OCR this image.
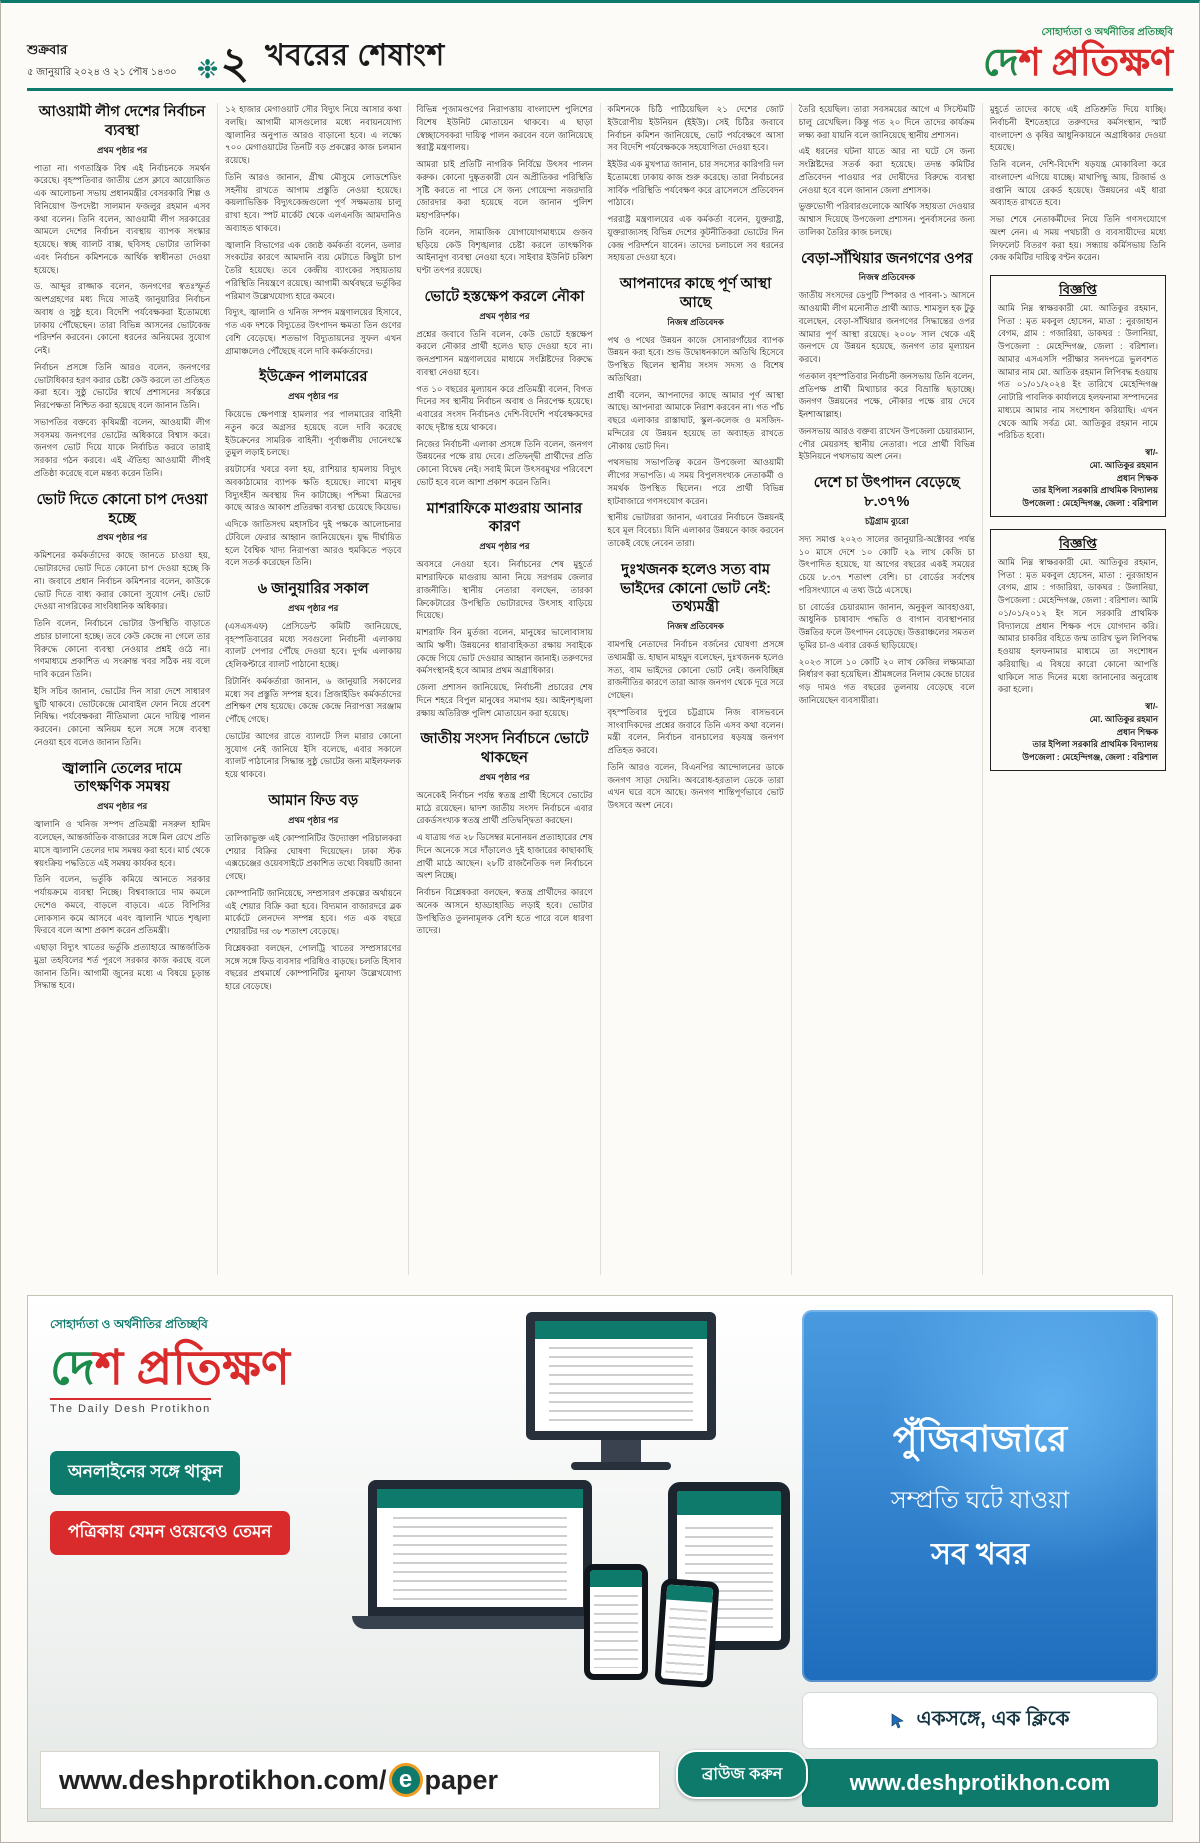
শুক্রবার
৫ জানুয়ারি ২০২৪ ও ২১ পৌষ ১৪৩০ ❉ ২ খবরের শেষাংশ
সোহার্দ্যতা ও অর্থনীতির প্রতিচ্ছবি
দেশ প্রতিক্ষণ
আওয়ামী লীগ দেশের নির্বাচন ব্যবস্থা
প্রথম পৃষ্ঠার পর

পাতা না। গণতান্ত্রিক বিশ্ব এই নির্বাচনকে সমর্থন করেছে। বৃহস্পতিবার জাতীয় প্রেস ক্লাবে আয়োজিত এক আলোচনা সভায় প্রধানমন্ত্রীর বেসরকারি শিল্প ও বিনিয়োগ উপদেষ্টা সালমান ফজলুর রহমান এসব কথা বলেন। তিনি বলেন, আওয়ামী লীগ সরকারের আমলে দেশের নির্বাচন ব্যবস্থায় ব্যাপক সংস্কার হয়েছে। স্বচ্ছ ব্যালট বাক্স, ছবিসহ ভোটার তালিকা এবং নির্বাচন কমিশনকে আর্থিক স্বাধীনতা দেওয়া হয়েছে।

ড. আব্দুর রাজ্জাক বলেন, জনগণের স্বতঃস্ফূর্ত অংশগ্রহণের মধ্য দিয়ে সাতই জানুয়ারির নির্বাচন অবাধ ও সুষ্ঠু হবে। বিদেশি পর্যবেক্ষকরা ইতোমধ্যে ঢাকায় পৌঁছেছেন। তারা বিভিন্ন আসনের ভোটকেন্দ্র পরিদর্শন করবেন। কোনো ধরনের অনিয়মের সুযোগ নেই।

নির্বাচন প্রসঙ্গে তিনি আরও বলেন, জনগণের ভোটাধিকার হরণ করার চেষ্টা কেউ করলে তা প্রতিহত করা হবে। সুষ্ঠু ভোটের স্বার্থে প্রশাসনের সর্বস্তরে নিরপেক্ষতা নিশ্চিত করা হয়েছে বলে জানান তিনি।

সভাপতির বক্তব্যে কৃষিমন্ত্রী বলেন, আওয়ামী লীগ সবসময় জনগণের ভোটের অধিকারে বিশ্বাস করে। জনগণ ভোট দিয়ে যাকে নির্বাচিত করবে তারাই সরকার গঠন করবে। এই ঐতিহ্য আওয়ামী লীগই প্রতিষ্ঠা করেছে বলে মন্তব্য করেন তিনি।

ভোট দিতে কোনো চাপ দেওয়া হচ্ছে
প্রথম পৃষ্ঠার পর

কমিশনের কর্মকর্তাদের কাছে জানতে চাওয়া হয়, ভোটারদের ভোট দিতে কোনো চাপ দেওয়া হচ্ছে কি না। জবাবে প্রধান নির্বাচন কমিশনার বলেন, কাউকে ভোট দিতে বাধ্য করার কোনো সুযোগ নেই। ভোট দেওয়া নাগরিকের সাংবিধানিক অধিকার।

তিনি বলেন, নির্বাচনে ভোটার উপস্থিতি বাড়াতে প্রচার চালানো হচ্ছে। তবে কেউ কেন্দ্রে না গেলে তার বিরুদ্ধে কোনো ব্যবস্থা নেওয়ার প্রশ্নই ওঠে না। গণমাধ্যমে প্রকাশিত এ সংক্রান্ত খবর সঠিক নয় বলে দাবি করেন তিনি।

ইসি সচিব জানান, ভোটের দিন সারা দেশে সাধারণ ছুটি থাকবে। ভোটকেন্দ্রে মোবাইল ফোন নিয়ে প্রবেশ নিষিদ্ধ। পর্যবেক্ষকরা নীতিমালা মেনে দায়িত্ব পালন করবেন। কোনো অনিয়ম হলে সঙ্গে সঙ্গে ব্যবস্থা নেওয়া হবে বলেও জানান তিনি।

জ্বালানি তেলের দামে তাৎক্ষণিক সমন্বয়
প্রথম পৃষ্ঠার পর

জ্বালানি ও খনিজ সম্পদ প্রতিমন্ত্রী নসরুল হামিদ বলেছেন, আন্তর্জাতিক বাজারের সঙ্গে মিল রেখে প্রতি মাসে জ্বালানি তেলের দাম সমন্বয় করা হবে। মার্চ থেকে স্বয়ংক্রিয় পদ্ধতিতে এই সমন্বয় কার্যকর হবে।

তিনি বলেন, ভর্তুকি কমিয়ে আনতে সরকার পর্যায়ক্রমে ব্যবস্থা নিচ্ছে। বিশ্ববাজারে দাম কমলে দেশেও কমবে, বাড়লে বাড়বে। এতে বিপিসির লোকসান কমে আসবে এবং জ্বালানি খাতে শৃঙ্খলা ফিরবে বলে আশা প্রকাশ করেন প্রতিমন্ত্রী।

এছাড়া বিদ্যুৎ খাতের ভর্তুকি প্রত্যাহারে আন্তর্জাতিক মুদ্রা তহবিলের শর্ত পূরণে সরকার কাজ করছে বলে জানান তিনি। আগামী জুনের মধ্যে এ বিষয়ে চূড়ান্ত সিদ্ধান্ত হবে।

১২ হাজার মেগাওয়াট সৌর বিদ্যুৎ নিয়ে আসার কথা বলছি। আগামী মাসগুলোর মধ্যে নবায়নযোগ্য জ্বালানির অনুপাত আরও বাড়ানো হবে। এ লক্ষ্যে ৭০০ মেগাওয়াটের তিনটি বড় প্রকল্পের কাজ চলমান রয়েছে।

তিনি আরও জানান, গ্রীষ্ম মৌসুমে লোডশেডিং সহনীয় রাখতে আগাম প্রস্তুতি নেওয়া হয়েছে। কয়লাভিত্তিক বিদ্যুৎকেন্দ্রগুলো পূর্ণ সক্ষমতায় চালু রাখা হবে। স্পট মার্কেট থেকে এলএনজি আমদানিও অব্যাহত থাকবে।

জ্বালানি বিভাগের এক জ্যেষ্ঠ কর্মকর্তা বলেন, ডলার সংকটের কারণে আমদানি ব্যয় মেটাতে কিছুটা চাপ তৈরি হয়েছে। তবে কেন্দ্রীয় ব্যাংকের সহায়তায় পরিস্থিতি নিয়ন্ত্রণে রয়েছে। আগামী অর্থবছরে ভর্তুকির পরিমাণ উল্লেখযোগ্য হারে কমবে।

বিদ্যুৎ, জ্বালানি ও খনিজ সম্পদ মন্ত্রণালয়ের হিসাবে, গত এক দশকে বিদ্যুতের উৎপাদন ক্ষমতা তিন গুণের বেশি বেড়েছে। শতভাগ বিদ্যুতায়নের সুফল এখন গ্রামাঞ্চলেও পৌঁছেছে বলে দাবি কর্মকর্তাদের।

ইউক্রেন পালমারের
প্রথম পৃষ্ঠার পর

কিয়েভে ক্ষেপণাস্ত্র হামলার পর পালমারের বাহিনী নতুন করে অগ্রসর হয়েছে বলে দাবি করেছে ইউক্রেনের সামরিক বাহিনী। পূর্বাঞ্চলীয় দোনেৎস্কে তুমুল লড়াই চলছে।

রয়টার্সের খবরে বলা হয়, রাশিয়ার হামলায় বিদ্যুৎ অবকাঠামোর ব্যাপক ক্ষতি হয়েছে। লাখো মানুষ বিদ্যুৎহীন অবস্থায় দিন কাটাচ্ছে। পশ্চিমা মিত্রদের কাছে আরও আকাশ প্রতিরক্ষা ব্যবস্থা চেয়েছে কিয়েভ।

এদিকে জাতিসংঘ মহাসচিব দুই পক্ষকে আলোচনার টেবিলে ফেরার আহ্বান জানিয়েছেন। যুদ্ধ দীর্ঘায়িত হলে বৈশ্বিক খাদ্য নিরাপত্তা আরও হুমকিতে পড়বে বলে সতর্ক করেছেন তিনি।

৬ জানুয়ারির সকাল
প্রথম পৃষ্ঠার পর

(এসএসএফ) প্রেসিডেন্ট কমিটি জানিয়েছে, বৃহস্পতিবারের মধ্যে সবগুলো নির্বাচনী এলাকায় ব্যালট পেপার পৌঁছে দেওয়া হবে। দুর্গম এলাকায় হেলিকপ্টারে ব্যালট পাঠানো হচ্ছে।

রিটার্নিং কর্মকর্তারা জানান, ৬ জানুয়ারি সকালের মধ্যে সব প্রস্তুতি সম্পন্ন হবে। প্রিজাইডিং কর্মকর্তাদের প্রশিক্ষণ শেষ হয়েছে। কেন্দ্রে কেন্দ্রে নিরাপত্তা সরঞ্জাম পৌঁছে গেছে।

ভোটের আগের রাতে ব্যালটে সিল মারার কোনো সুযোগ নেই জানিয়ে ইসি বলেছে, এবার সকালে ব্যালট পাঠানোর সিদ্ধান্ত সুষ্ঠু ভোটের জন্য মাইলফলক হয়ে থাকবে।

আমান ফিড বড়
প্রথম পৃষ্ঠার পর

তালিকাভুক্ত এই কোম্পানিটির উদ্যোক্তা পরিচালকরা শেয়ার বিক্রির ঘোষণা দিয়েছেন। ঢাকা স্টক এক্সচেঞ্জের ওয়েবসাইটে প্রকাশিত তথ্যে বিষয়টি জানা গেছে।

কোম্পানিটি জানিয়েছে, সম্প্রসারণ প্রকল্পের অর্থায়নে এই শেয়ার বিক্রি করা হবে। বিদ্যমান বাজারদরে ব্লক মার্কেটে লেনদেন সম্পন্ন হবে। গত এক বছরে শেয়ারটির দর ৩৮ শতাংশ বেড়েছে।

বিশ্লেষকরা বলছেন, পোলট্রি খাতের সম্প্রসারণের সঙ্গে সঙ্গে ফিড ব্যবসার পরিধিও বাড়ছে। চলতি হিসাব বছরের প্রথমার্ধে কোম্পানিটির মুনাফা উল্লেখযোগ্য হারে বেড়েছে।

বিভিন্ন পূজামণ্ডপের নিরাপত্তায় বাংলাদেশ পুলিশের বিশেষ ইউনিট মোতায়েন থাকবে। এ ছাড়া স্বেচ্ছাসেবকরা দায়িত্ব পালন করবেন বলে জানিয়েছে স্বরাষ্ট্র মন্ত্রণালয়।

আমরা চাই প্রতিটি নাগরিক নির্বিঘ্নে উৎসব পালন করুক। কোনো দুষ্কৃতকারী যেন অপ্রীতিকর পরিস্থিতি সৃষ্টি করতে না পারে সে জন্য গোয়েন্দা নজরদারি জোরদার করা হয়েছে বলে জানান পুলিশ মহাপরিদর্শক।

তিনি বলেন, সামাজিক যোগাযোগমাধ্যমে গুজব ছড়িয়ে কেউ বিশৃঙ্খলার চেষ্টা করলে তাৎক্ষণিক আইনানুগ ব্যবস্থা নেওয়া হবে। সাইবার ইউনিট চব্বিশ ঘণ্টা তৎপর রয়েছে।

ভোটে হস্তক্ষেপ করলে নৌকা
প্রথম পৃষ্ঠার পর

প্রশ্নের জবাবে তিনি বলেন, কেউ ভোটে হস্তক্ষেপ করলে নৌকার প্রার্থী হলেও ছাড় দেওয়া হবে না। জনপ্রশাসন মন্ত্রণালয়ের মাধ্যমে সংশ্লিষ্টদের বিরুদ্ধে ব্যবস্থা নেওয়া হবে।

গত ১০ বছরের মূল্যায়ন করে প্রতিমন্ত্রী বলেন, বিগত দিনের সব স্থানীয় নির্বাচন অবাধ ও নিরপেক্ষ হয়েছে। এবারের সংসদ নির্বাচনও দেশি-বিদেশি পর্যবেক্ষকদের কাছে দৃষ্টান্ত হয়ে থাকবে।

নিজের নির্বাচনী এলাকা প্রসঙ্গে তিনি বলেন, জনগণ উন্নয়নের পক্ষে রায় দেবে। প্রতিদ্বন্দ্বী প্রার্থীদের প্রতি কোনো বিদ্বেষ নেই। সবাই মিলে উৎসবমুখর পরিবেশে ভোট হবে বলে আশা প্রকাশ করেন তিনি।

মাশরাফিকে মাগুরায় আনার কারণ
প্রথম পৃষ্ঠার পর

অবসরে নেওয়া হবে। নির্বাচনের শেষ মুহূর্তে মাশরাফিকে মাগুরায় আনা নিয়ে সরগরম জেলার রাজনীতি। স্থানীয় নেতারা বলছেন, তারকা ক্রিকেটারের উপস্থিতি ভোটারদের উৎসাহ বাড়িয়ে দিয়েছে।

মাশরাফি বিন মুর্তজা বলেন, মানুষের ভালোবাসায় আমি ঋণী। উন্নয়নের ধারাবাহিকতা রক্ষায় সবাইকে কেন্দ্রে গিয়ে ভোট দেওয়ার আহ্বান জানাই। তরুণদের কর্মসংস্থানই হবে আমার প্রথম অগ্রাধিকার।

জেলা প্রশাসন জানিয়েছে, নির্বাচনী প্রচারের শেষ দিনে শহরে বিপুল মানুষের সমাগম হয়। আইনশৃঙ্খলা রক্ষায় অতিরিক্ত পুলিশ মোতায়েন করা হয়েছে।

জাতীয় সংসদ নির্বাচনে ভোটে থাকছেন
প্রথম পৃষ্ঠার পর

অনেকেই নির্বাচন পর্যন্ত স্বতন্ত্র প্রার্থী হিসেবে ভোটের মাঠে রয়েছেন। দ্বাদশ জাতীয় সংসদ নির্বাচনে এবার রেকর্ডসংখ্যক স্বতন্ত্র প্রার্থী প্রতিদ্বন্দ্বিতা করছেন।

এ যাত্রায় গত ২৮ ডিসেম্বর মনোনয়ন প্রত্যাহারের শেষ দিনে অনেকে সরে দাঁড়ালেও দুই হাজারের কাছাকাছি প্রার্থী মাঠে আছেন। ২৮টি রাজনৈতিক দল নির্বাচনে অংশ নিচ্ছে।

নির্বাচন বিশ্লেষকরা বলছেন, স্বতন্ত্র প্রার্থীদের কারণে অনেক আসনে হাড্ডাহাড্ডি লড়াই হবে। ভোটার উপস্থিতিও তুলনামূলক বেশি হতে পারে বলে ধারণা তাদের।

কমিশনকে চিঠি পাঠিয়েছিল ২১ দেশের জোট ইউরোপীয় ইউনিয়ন (ইইউ)। সেই চিঠির জবাবে নির্বাচন কমিশন জানিয়েছে, ভোট পর্যবেক্ষণে আসা সব বিদেশি পর্যবেক্ষককে সহযোগিতা দেওয়া হবে।

ইইউর এক মুখপাত্র জানান, চার সদস্যের কারিগরি দল ইতোমধ্যে ঢাকায় কাজ শুরু করেছে। তারা নির্বাচনের সার্বিক পরিস্থিতি পর্যবেক্ষণ করে ব্রাসেলসে প্রতিবেদন পাঠাবে।

পররাষ্ট্র মন্ত্রণালয়ের এক কর্মকর্তা বলেন, যুক্তরাষ্ট্র, যুক্তরাজ্যসহ বিভিন্ন দেশের কূটনীতিকরা ভোটের দিন কেন্দ্র পরিদর্শনে যাবেন। তাদের চলাচলে সব ধরনের সহায়তা দেওয়া হবে।

আপনাদের কাছে পূর্ণ আস্থা আছে
নিজস্ব প্রতিবেদক

পথ ও পথের উন্নয়ন কাজে সোনারগাঁয়ের ব্যাপক উন্নয়ন করা হবে। শুভ উদ্বোধনকালে অতিথি হিসেবে উপস্থিত ছিলেন স্থানীয় সংসদ সদস্য ও বিশেষ অতিথিরা।

প্রার্থী বলেন, আপনাদের কাছে আমার পূর্ণ আস্থা আছে। আপনারা আমাকে নিরাশ করবেন না। গত পাঁচ বছরে এলাকার রাস্তাঘাট, স্কুল-কলেজ ও মসজিদ-মন্দিরের যে উন্নয়ন হয়েছে তা অব্যাহত রাখতে নৌকায় ভোট দিন।

পথসভায় সভাপতিত্ব করেন উপজেলা আওয়ামী লীগের সভাপতি। এ সময় বিপুলসংখ্যক নেতাকর্মী ও সমর্থক উপস্থিত ছিলেন। পরে প্রার্থী বিভিন্ন হাটবাজারে গণসংযোগ করেন।

স্থানীয় ভোটাররা জানান, এবারের নির্বাচনে উন্নয়নই হবে মূল বিবেচ্য। যিনি এলাকার উন্নয়নে কাজ করবেন তাকেই বেছে নেবেন তারা।

দুঃখজনক হলেও সত্য বাম ভাইদের কোনো ভোট নেই: তথ্যমন্ত্রী
নিজস্ব প্রতিবেদক

বামপন্থি নেতাদের নির্বাচন বর্জনের ঘোষণা প্রসঙ্গে তথ্যমন্ত্রী ড. হাছান মাহমুদ বলেছেন, দুঃখজনক হলেও সত্য, বাম ভাইদের কোনো ভোট নেই। জনবিচ্ছিন্ন রাজনীতির কারণে তারা আজ জনগণ থেকে দূরে সরে গেছেন।

বৃহস্পতিবার দুপুরে চট্টগ্রামে নিজ বাসভবনে সাংবাদিকদের প্রশ্নের জবাবে তিনি এসব কথা বলেন। মন্ত্রী বলেন, নির্বাচন বানচালের ষড়যন্ত্র জনগণ প্রতিহত করবে।

তিনি আরও বলেন, বিএনপির আন্দোলনের ডাকে জনগণ সাড়া দেয়নি। অবরোধ-হরতাল ডেকে তারা এখন ঘরে বসে আছে। জনগণ শান্তিপূর্ণভাবে ভোট উৎসবে অংশ নেবে।

তৈরি হয়েছিল। তারা সবসময়ের আগে এ সিস্টেমটি চালু রেখেছিল। কিন্তু গত ২০ দিনে তাদের কার্যক্রম লক্ষ্য করা যায়নি বলে জানিয়েছে স্থানীয় প্রশাসন।

এই ধরনের ঘটনা যাতে আর না ঘটে সে জন্য সংশ্লিষ্টদের সতর্ক করা হয়েছে। তদন্ত কমিটির প্রতিবেদন পাওয়ার পর দোষীদের বিরুদ্ধে ব্যবস্থা নেওয়া হবে বলে জানান জেলা প্রশাসক।

ভুক্তভোগী পরিবারগুলোকে আর্থিক সহায়তা দেওয়ার আশ্বাস দিয়েছে উপজেলা প্রশাসন। পুনর্বাসনের জন্য তালিকা তৈরির কাজ চলছে।

বেড়া-সাঁথিয়ার জনগণের ওপর
নিজস্ব প্রতিবেদক

জাতীয় সংসদের ডেপুটি স্পিকার ও পাবনা-১ আসনে আওয়ামী লীগ মনোনীত প্রার্থী অ্যাড. শামসুল হক টুকু বলেছেন, বেড়া-সাঁথিয়ার জনগণের সিদ্ধান্তের ওপর আমার পূর্ণ আস্থা রয়েছে। ২০০৮ সাল থেকে এই জনপদে যে উন্নয়ন হয়েছে, জনগণ তার মূল্যায়ন করবে।

গতকাল বৃহস্পতিবার নির্বাচনী জনসভায় তিনি বলেন, প্রতিপক্ষ প্রার্থী মিথ্যাচার করে বিভ্রান্তি ছড়াচ্ছে। জনগণ উন্নয়নের পক্ষে, নৌকার পক্ষে রায় দেবে ইনশাআল্লাহ।

জনসভায় আরও বক্তব্য রাখেন উপজেলা চেয়ারম্যান, পৌর মেয়রসহ স্থানীয় নেতারা। পরে প্রার্থী বিভিন্ন ইউনিয়নে পথসভায় অংশ নেন।

দেশে চা উৎপাদন বেড়েছে ৮.৩৭%
চট্টগ্রাম ব্যুরো

সদ্য সমাপ্ত ২০২৩ সালের জানুয়ারি-অক্টোবর পর্যন্ত ১০ মাসে দেশে ১০ কোটি ২৯ লাখ কেজি চা উৎপাদিত হয়েছে, যা আগের বছরের একই সময়ের চেয়ে ৮.৩৭ শতাংশ বেশি। চা বোর্ডের সর্বশেষ পরিসংখ্যানে এ তথ্য উঠে এসেছে।

চা বোর্ডের চেয়ারম্যান জানান, অনুকূল আবহাওয়া, আধুনিক চাষাবাদ পদ্ধতি ও বাগান ব্যবস্থাপনার উন্নতির ফলে উৎপাদন বেড়েছে। উত্তরাঞ্চলের সমতল ভূমির চা-ও এবার রেকর্ড ছাড়িয়েছে।

২০২৩ সালে ১০ কোটি ২০ লাখ কেজির লক্ষ্যমাত্রা নির্ধারণ করা হয়েছিল। শ্রীমঙ্গলের নিলাম কেন্দ্রে চায়ের গড় দামও গত বছরের তুলনায় বেড়েছে বলে জানিয়েছেন ব্যবসায়ীরা।

মুহূর্তে তাদের কাছে এই প্রতিশ্রুতি দিয়ে যাচ্ছি। নির্বাচনী ইশতেহারে তরুণদের কর্মসংস্থান, স্মার্ট বাংলাদেশ ও কৃষির আধুনিকায়নে অগ্রাধিকার দেওয়া হয়েছে।

তিনি বলেন, দেশি-বিদেশি ষড়যন্ত্র মোকাবিলা করে বাংলাদেশ এগিয়ে যাচ্ছে। মাথাপিছু আয়, রিজার্ভ ও রপ্তানি আয়ে রেকর্ড হয়েছে। উন্নয়নের এই ধারা অব্যাহত রাখতে হবে।

সভা শেষে নেতাকর্মীদের নিয়ে তিনি গণসংযোগে অংশ নেন। এ সময় পথচারী ও ব্যবসায়ীদের মধ্যে লিফলেট বিতরণ করা হয়। সন্ধ্যায় কর্মিসভায় তিনি কেন্দ্র কমিটির দায়িত্ব বণ্টন করেন।

বিজ্ঞপ্তি

আমি নিম্ন স্বাক্ষরকারী মো. আতিকুর রহমান, পিতা : মৃত মকবুল হোসেন, মাতা : নুরজাহান বেগম, গ্রাম : গজারিয়া, ডাকঘর : উলানিয়া, উপজেলা : মেহেন্দিগঞ্জ, জেলা : বরিশাল। আমার এসএসসি পরীক্ষার সনদপত্রে ভুলবশত আমার নাম মো. আতিক রহমান লিপিবদ্ধ হওয়ায় গত ০১/০১/২০২৪ ইং তারিখে মেহেন্দিগঞ্জ নোটারি পাবলিক কার্যালয়ে হলফনামা সম্পাদনের মাধ্যমে আমার নাম সংশোধন করিয়াছি। এখন থেকে আমি সর্বত্র মো. আতিকুর রহমান নামে পরিচিত হবো।

স্বা/-
মো. আতিকুর রহমান
প্রধান শিক্ষক
তার ইপিলা সরকারি প্রাথমিক বিদ্যালয়
উপজেলা : মেহেন্দিগঞ্জ, জেলা : বরিশাল
বিজ্ঞপ্তি

আমি নিম্ন স্বাক্ষরকারী মো. আতিকুর রহমান, পিতা : মৃত মকবুল হোসেন, মাতা : নুরজাহান বেগম, গ্রাম : গজারিয়া, ডাকঘর : উলানিয়া, উপজেলা : মেহেন্দিগঞ্জ, জেলা : বরিশাল। আমি ০১/০১/২০১২ ইং সনে সরকারি প্রাথমিক বিদ্যালয়ে প্রধান শিক্ষক পদে যোগদান করি। আমার চাকরির বহিতে জন্ম তারিখ ভুল লিপিবদ্ধ হওয়ায় হলফনামার মাধ্যমে তা সংশোধন করিয়াছি। এ বিষয়ে কারো কোনো আপত্তি থাকিলে সাত দিনের মধ্যে জানানোর অনুরোধ করা হলো।

স্বা/-
মো. আতিকুর রহমান
প্রধান শিক্ষক
তার ইপিলা সরকারি প্রাথমিক বিদ্যালয়
উপজেলা : মেহেন্দিগঞ্জ, জেলা : বরিশাল
সোহার্দ্যতা ও অর্থনীতির প্রতিচ্ছবি
দেশ প্রতিক্ষণ
The Daily Desh Protikhon
অনলাইনের সঙ্গে থাকুন
পত্রিকায় যেমন ওয়েবেও তেমন
www.deshprotikhon.com/ e paper	ব্রাউজ করুন
পুঁজিবাজারে
সম্প্রতি ঘটে যাওয়া
সব খবর
একসঙ্গে, এক ক্লিকে
www.deshprotikhon.com
